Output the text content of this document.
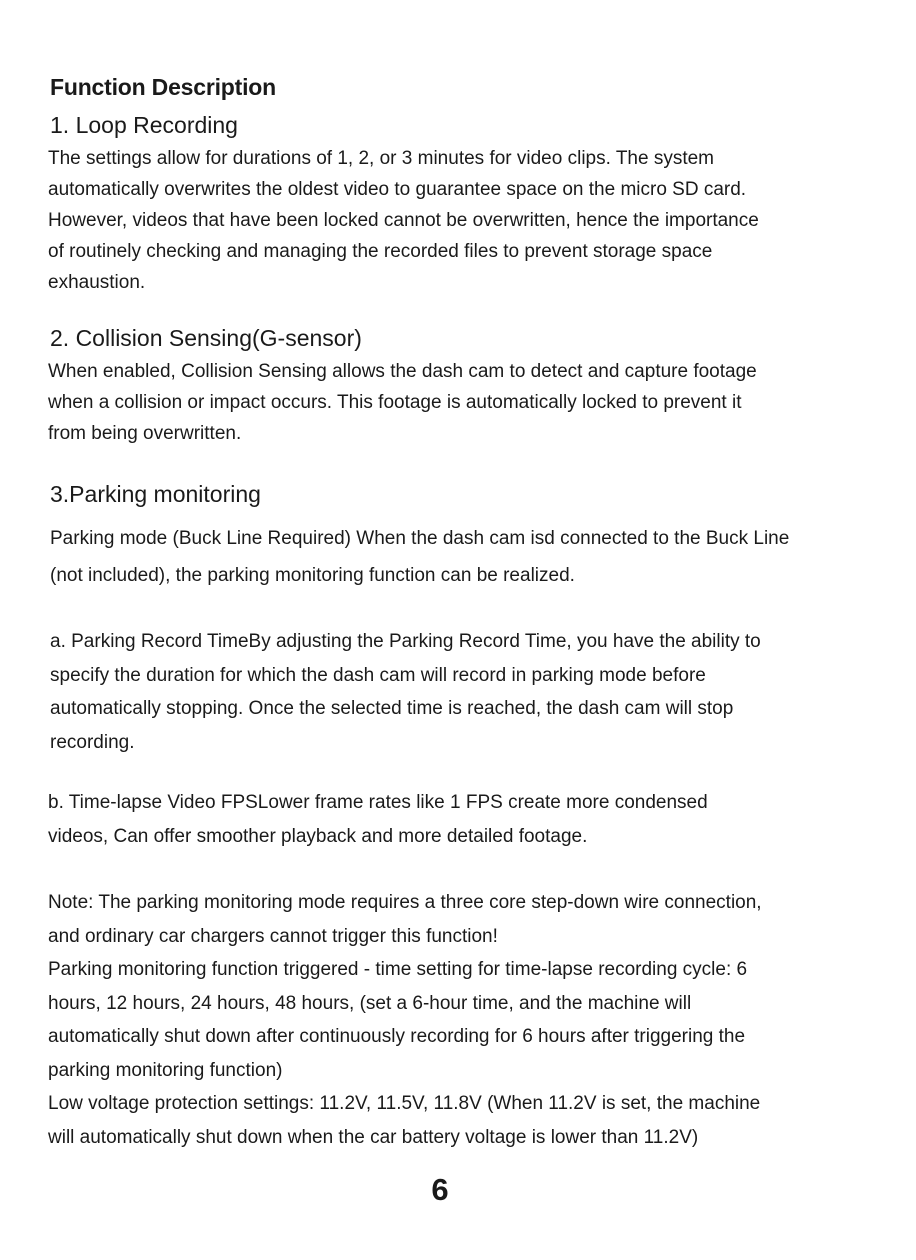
Function Description
1. Loop Recording

The settings allow for durations of 1, 2, or 3 minutes for video clips. The system
automatically overwrites the oldest video to guarantee space on the micro SD card.
However, videos that have been locked cannot be overwritten, hence the importance
of routinely checking and managing the recorded files to prevent storage space
exhaustion.

2. Collision Sensing(G-sensor)

When enabled, Collision Sensing allows the dash cam to detect and capture footage
when a collision or impact occurs. This footage is automatically locked to prevent it
from being overwritten.

3.Parking monitoring

Parking mode (Buck Line Required) When the dash cam isd connected to the Buck Line
(not included), the parking monitoring function can be realized.

a. Parking Record TimeBy adjusting the Parking Record Time, you have the ability to
specify the duration for which the dash cam will record in parking mode before
automatically stopping. Once the selected time is reached, the dash cam will stop
recording.

b. Time-lapse Video FPSLower frame rates like 1 FPS create more condensed
videos, Can offer smoother playback and more detailed footage.

Note: The parking monitoring mode requires a three core step-down wire connection,
and ordinary car chargers cannot trigger this function!
Parking monitoring function triggered - time setting for time-lapse recording cycle: 6
hours, 12 hours, 24 hours, 48 hours, (set a 6-hour time, and the machine will
automatically shut down after continuously recording for 6 hours after triggering the
parking monitoring function)
Low voltage protection settings: 11.2V, 11.5V, 11.8V (When 11.2V is set, the machine
will automatically shut down when the car battery voltage is lower than 11.2V)

6
